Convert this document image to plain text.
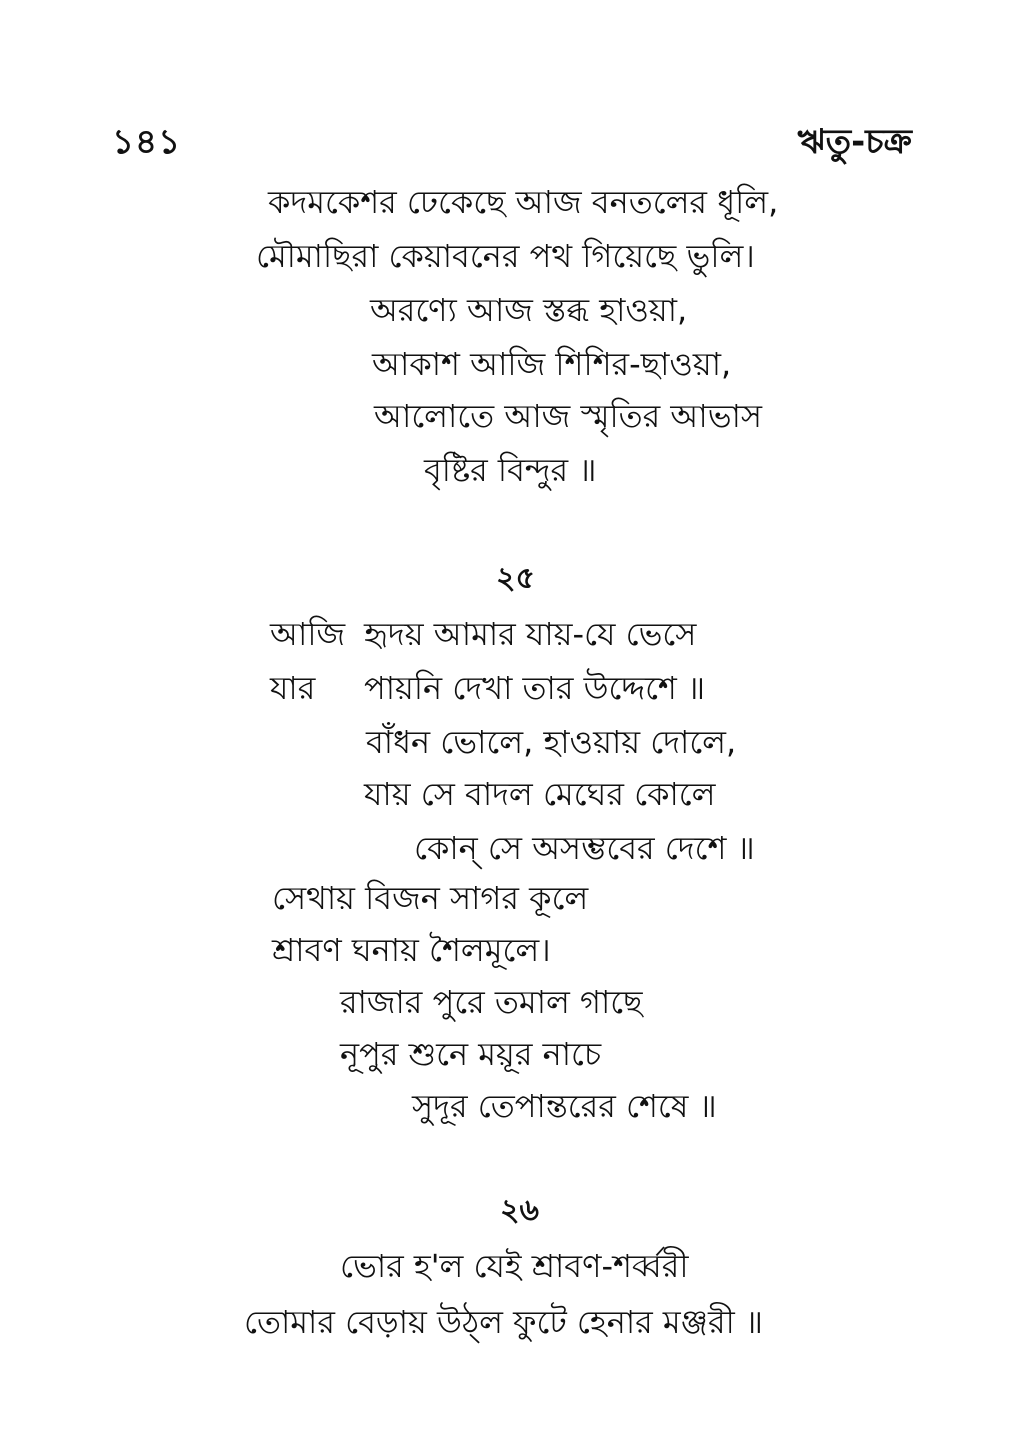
১৪১	ঋতু-চক্র
কদমকেশর ঢেকেছে আজ বনতলের ধূলি,
মৌমাছিরা কেয়াবনের পথ গিয়েছে ভুলি।
অরণ্যে আজ স্তব্ধ হাওয়া,
আকাশ আজি শিশির-ছাওয়া,
আলোতে আজ স্মৃতির আভাস
বৃষ্টির বিন্দুর ॥
২৫
আজি হৃদয় আমার যায়-যে ভেসে
যার পায়নি দেখা তার উদ্দেশে ॥
বাঁধন ভোলে, হাওয়ায় দোলে,
যায় সে বাদল মেঘের কোলে
কোন্ সে অসম্ভবের দেশে ॥
সেথায় বিজন সাগর কূলে
শ্রাবণ ঘনায় শৈলমূলে।
রাজার পুরে তমাল গাছে
নূপুর শুনে ময়ূর নাচে
সুদূর তেপান্তরের শেষে ॥
২৬
ভোর হ'ল যেই শ্রাবণ-শর্ব্বরী
তোমার বেড়ায় উঠ্‌ল ফুটে হেনার মঞ্জরী ॥
